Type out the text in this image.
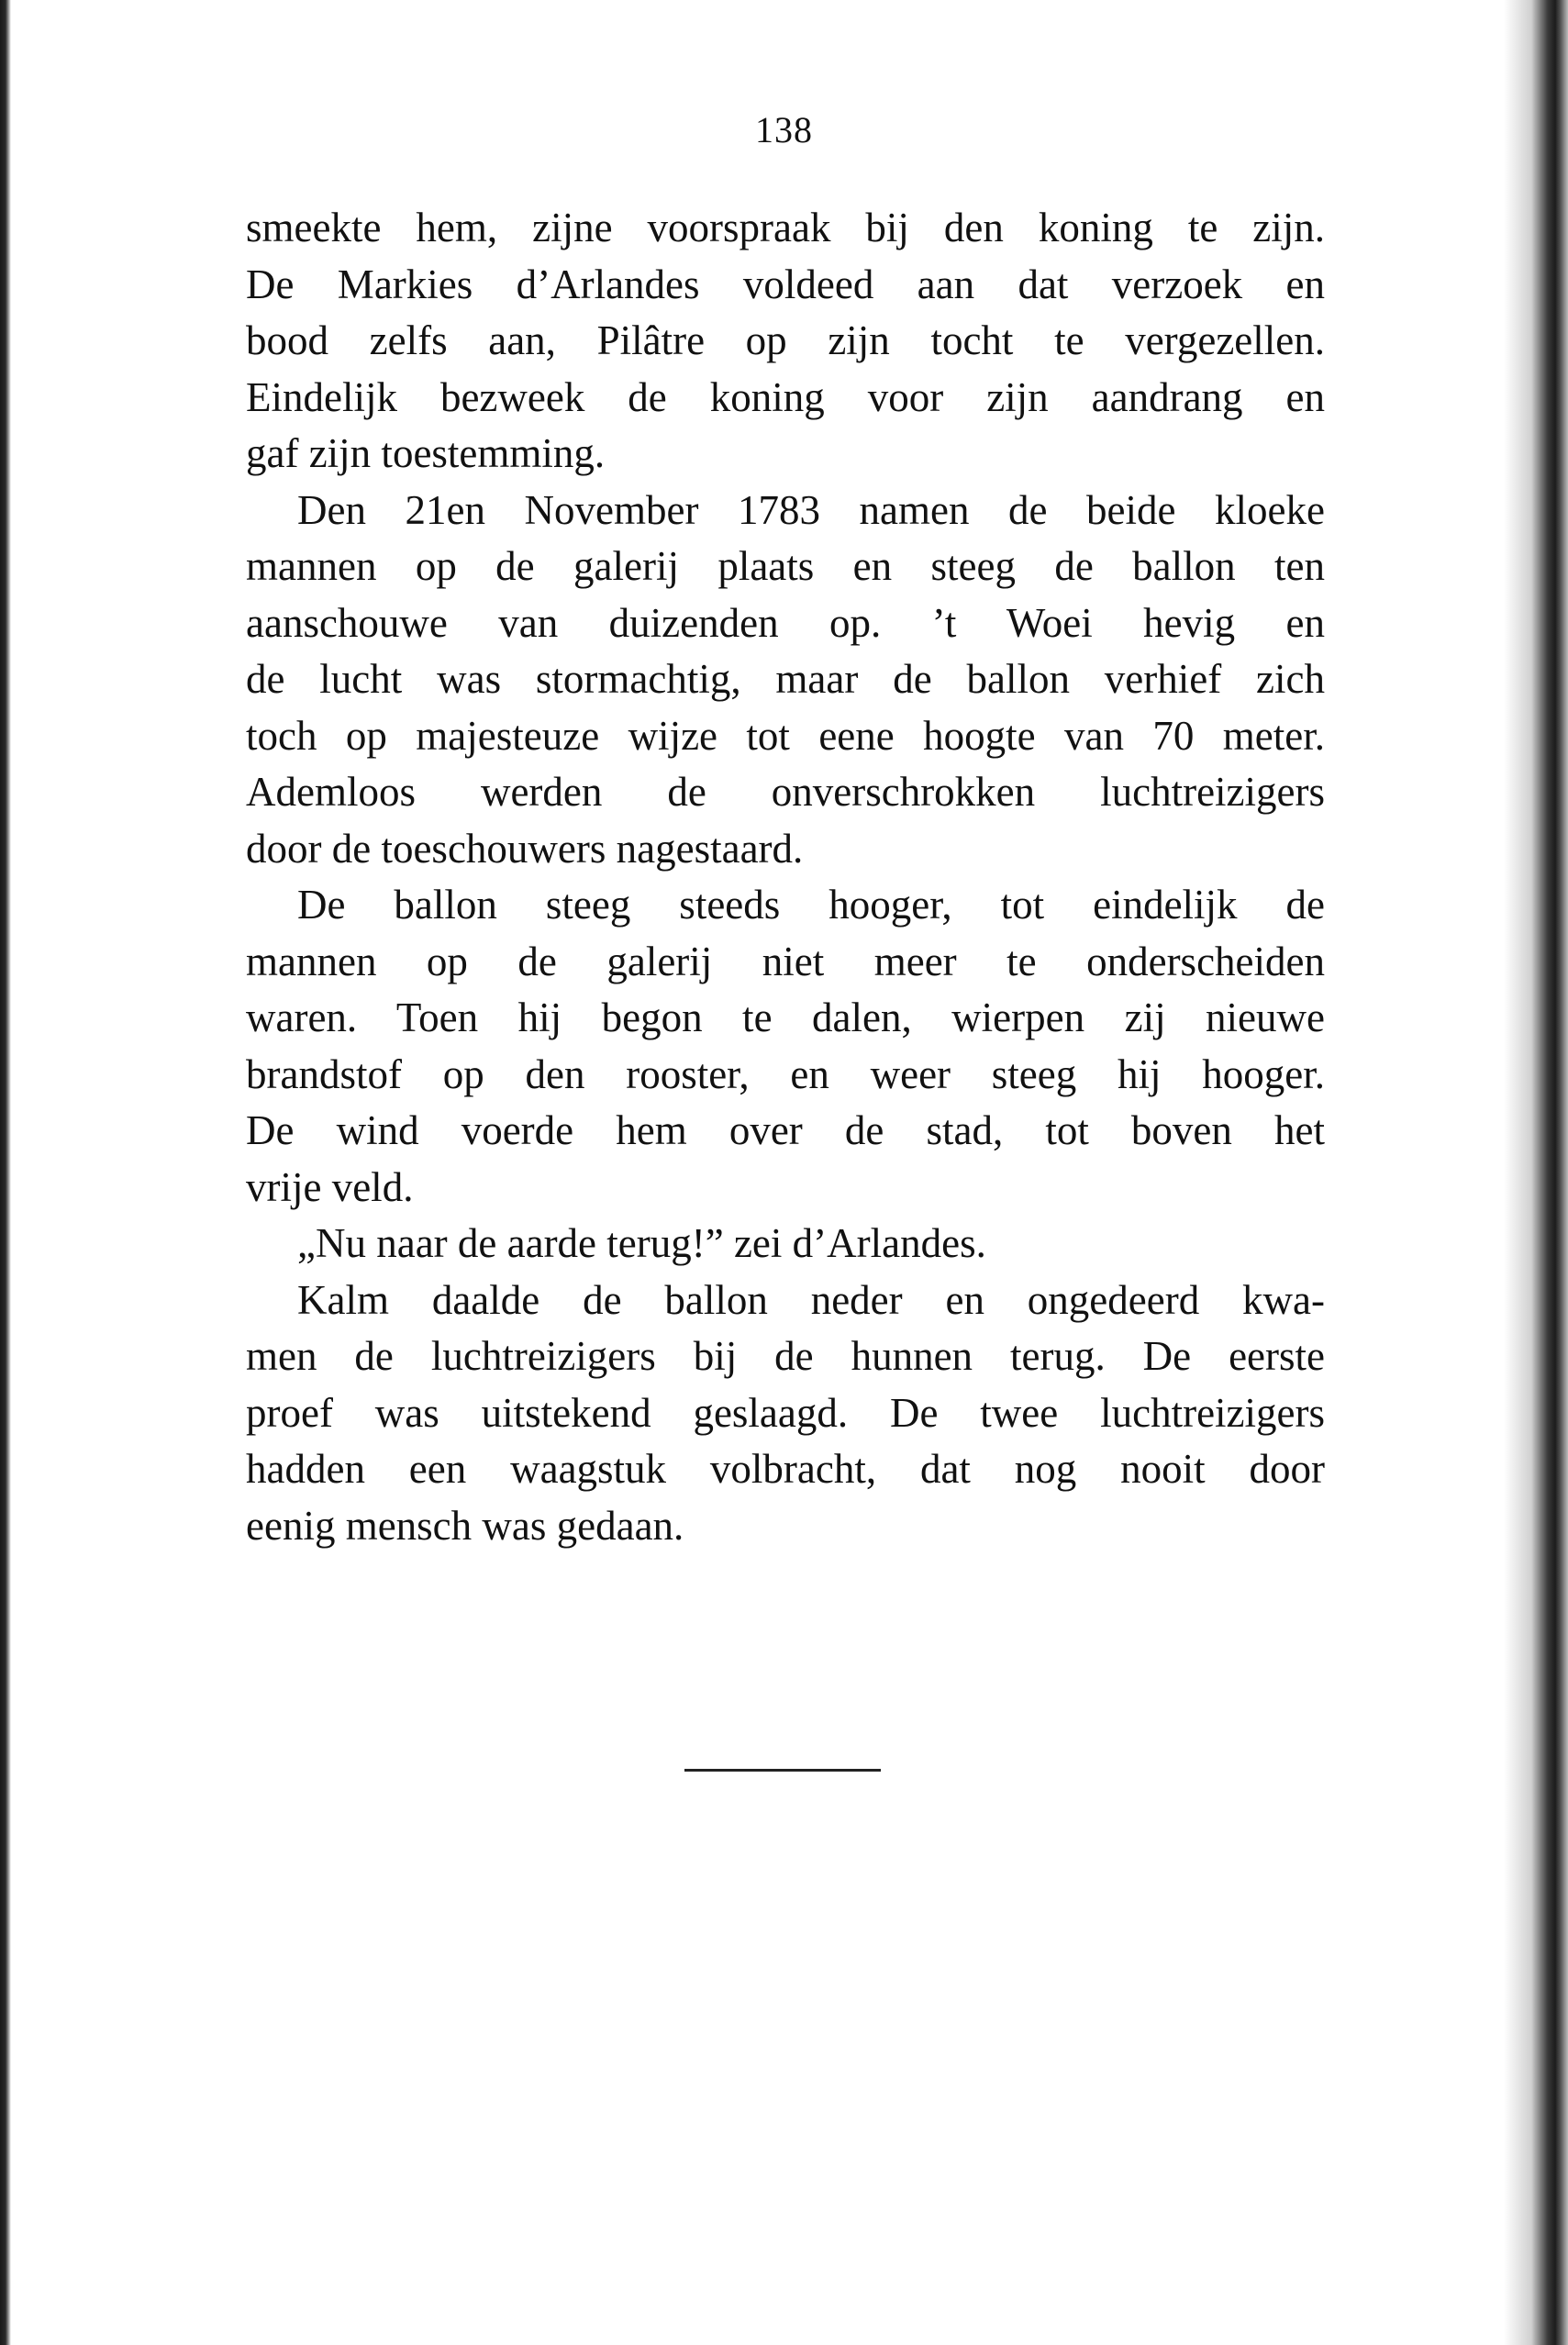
138
smeekte hem, zijne voorspraak bij den koning te zijn.
De Markies d’Arlandes voldeed aan dat verzoek en
bood zelfs aan, Pilâtre op zijn tocht te vergezellen.
Eindelijk bezweek de koning voor zijn aandrang en
gaf zijn toestemming.
Den 21en November 1783 namen de beide kloeke
mannen op de galerij plaats en steeg de ballon ten
aanschouwe van duizenden op. ’t Woei hevig en
de lucht was stormachtig, maar de ballon verhief zich
toch op majesteuze wijze tot eene hoogte van 70 meter.
Ademloos werden de onverschrokken luchtreizigers
door de toeschouwers nagestaard.
De ballon steeg steeds hooger, tot eindelijk de
mannen op de galerij niet meer te onderscheiden
waren. Toen hij begon te dalen, wierpen zij nieuwe
brandstof op den rooster, en weer steeg hij hooger.
De wind voerde hem over de stad, tot boven het
vrije veld.
„Nu naar de aarde terug!” zei d’Arlandes.
Kalm daalde de ballon neder en ongedeerd kwa-
men de luchtreizigers bij de hunnen terug. De eerste
proef was uitstekend geslaagd. De twee luchtreizigers
hadden een waagstuk volbracht, dat nog nooit door
eenig mensch was gedaan.
